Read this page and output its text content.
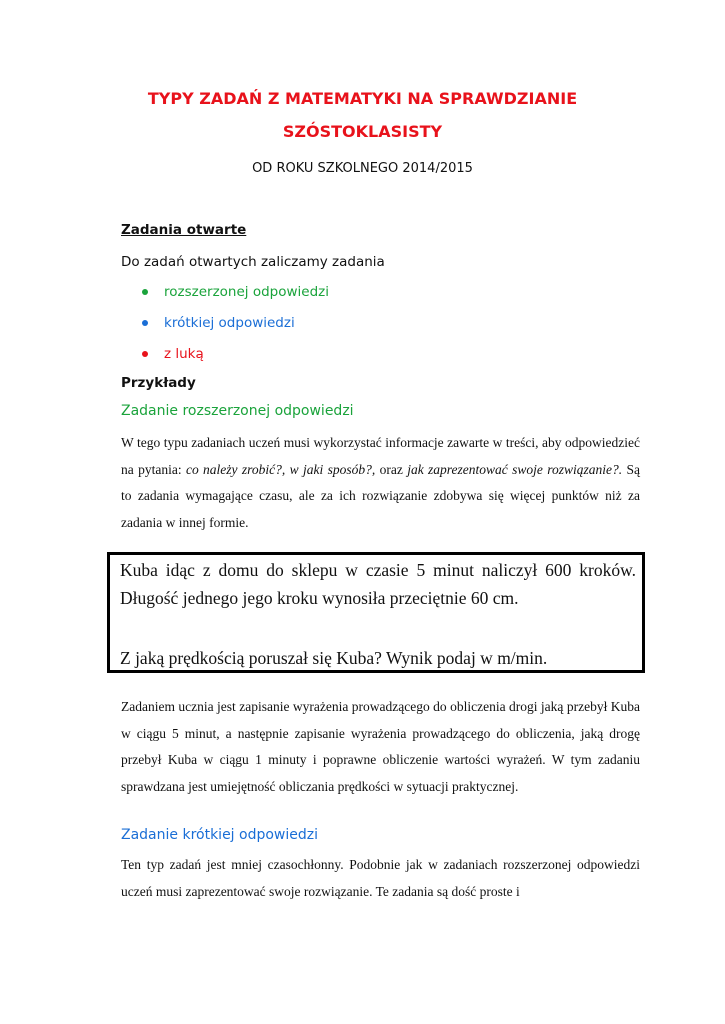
TYPY ZADAŃ Z MATEMATYKI NA SPRAWDZIANIE
SZÓSTOKLASISTY
OD ROKU SZKOLNEGO 2014/2015
Zadania otwarte
Do zadań otwartych zaliczamy zadania
rozszerzonej odpowiedzi
krótkiej odpowiedzi
z luką
Przykłady
Zadanie rozszerzonej odpowiedzi
W tego typu zadaniach uczeń musi wykorzystać informacje zawarte w treści, aby odpowiedzieć na pytania: co należy zrobić?, w jaki sposób?, oraz jak zaprezentować swoje rozwiązanie?. Są to zadania wymagające czasu, ale za ich rozwiązanie zdobywa się więcej punktów niż za zadania w innej formie.
Kuba idąc z domu do sklepu w czasie 5 minut naliczył 600 kroków. Długość jednego jego kroku wynosiła przeciętnie 60 cm.
Z jaką prędkością poruszał się Kuba? Wynik podaj w m/min.
Zadaniem ucznia jest zapisanie wyrażenia prowadzącego do obliczenia drogi jaką przebył Kuba w ciągu 5 minut, a następnie zapisanie wyrażenia prowadzącego do obliczenia, jaką drogę przebył Kuba w ciągu 1 minuty i poprawne obliczenie wartości wyrażeń. W tym zadaniu sprawdzana jest umiejętność obliczania prędkości w sytuacji praktycznej.
Zadanie krótkiej odpowiedzi
Ten typ zadań jest mniej czasochłonny. Podobnie jak w zadaniach rozszerzonej odpowiedzi uczeń musi zaprezentować swoje rozwiązanie. Te zadania są dość proste i
